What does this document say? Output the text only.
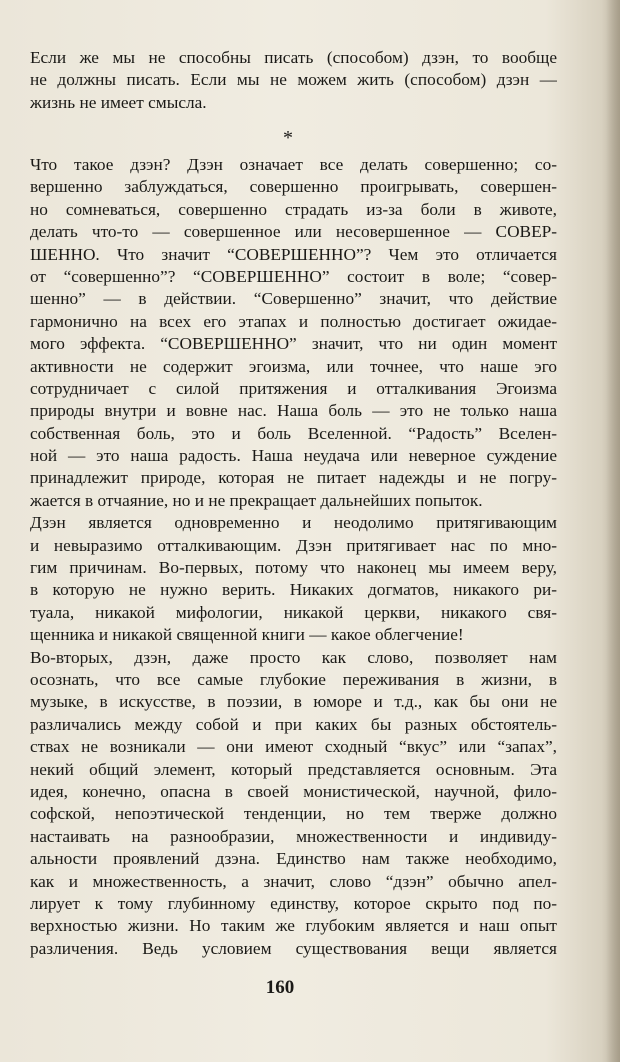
Если же мы не способны писать (способом) дзэн, то вообще
не должны писать. Если мы не можем жить (способом) дзэн —
жизнь не имеет смысла.
*
Что такое дзэн? Дзэн означает все делать совершенно; со-
вершенно заблуждаться, совершенно проигрывать, совершен-
но сомневаться, совершенно страдать из-за боли в животе,
делать что-то — совершенное или несовершенное — СОВЕР-
ШЕННО. Что значит “СОВЕРШЕННО”? Чем это отличается
от “совершенно”? “СОВЕРШЕННО” состоит в воле; “совер-
шенно” — в действии. “Совершенно” значит, что действие
гармонично на всех его этапах и полностью достигает ожидае-
мого эффекта. “СОВЕРШЕННО” значит, что ни один момент
активности не содержит эгоизма, или точнее, что наше эго
сотрудничает с силой притяжения и отталкивания Эгоизма
природы внутри и вовне нас. Наша боль — это не только наша
собственная боль, это и боль Вселенной. “Радость” Вселен-
ной — это наша радость. Наша неудача или неверное суждение
принадлежит природе, которая не питает надежды и не погру-
жается в отчаяние, но и не прекращает дальнейших попыток.
Дзэн является одновременно и неодолимо притягивающим
и невыразимо отталкивающим. Дзэн притягивает нас по мно-
гим причинам. Во-первых, потому что наконец мы имеем веру,
в которую не нужно верить. Никаких догматов, никакого ри-
туала, никакой мифологии, никакой церкви, никакого свя-
щенника и никакой священной книги — какое облегчение!
Во-вторых, дзэн, даже просто как слово, позволяет нам
осознать, что все самые глубокие переживания в жизни, в
музыке, в искусстве, в поэзии, в юморе и т.д., как бы они не
различались между собой и при каких бы разных обстоятель-
ствах не возникали — они имеют сходный “вкус” или “запах”,
некий общий элемент, который представляется основным. Эта
идея, конечно, опасна в своей монистической, научной, фило-
софской, непоэтической тенденции, но тем тверже должно
настаивать на разнообразии, множественности и индивиду-
альности проявлений дзэна. Единство нам также необходимо,
как и множественность, а значит, слово “дзэн” обычно апел-
лирует к тому глубинному единству, которое скрыто под по-
верхностью жизни. Но таким же глубоким является и наш опыт
различения. Ведь условием существования вещи является
160
